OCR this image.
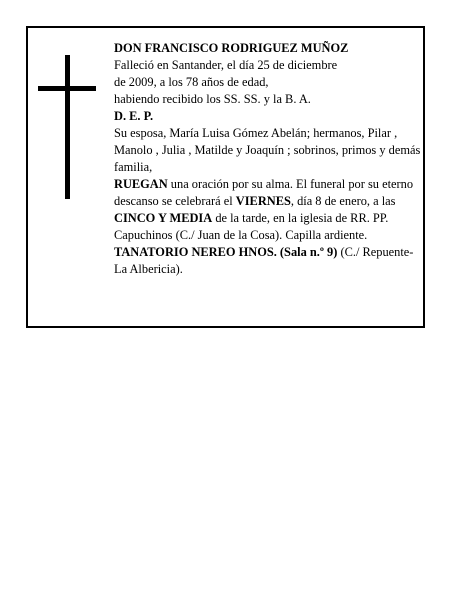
DON FRANCISCO RODRIGUEZ MUÑOZ

Falleció en Santander, el día 25 de diciembre

de 2009, a los 78 años de edad,

habiendo recibido los SS. SS. y la B. A.

D. E. P.

Su esposa, María Luisa Gómez Abelán; hermanos, Pilar , Manolo , Julia , Matilde y Joaquín ; sobrinos, primos y demás familia,

RUEGAN una oración por su alma. El funeral por su eterno descanso se celebrará el VIERNES, día 8 de enero, a las CINCO Y MEDIA de la tarde, en la iglesia de RR. PP. Capuchinos (C./ Juan de la Cosa). Capilla ardiente. TANATORIO NEREO HNOS. (Sala n.º 9) (C./ Repuente-La Albericia).
